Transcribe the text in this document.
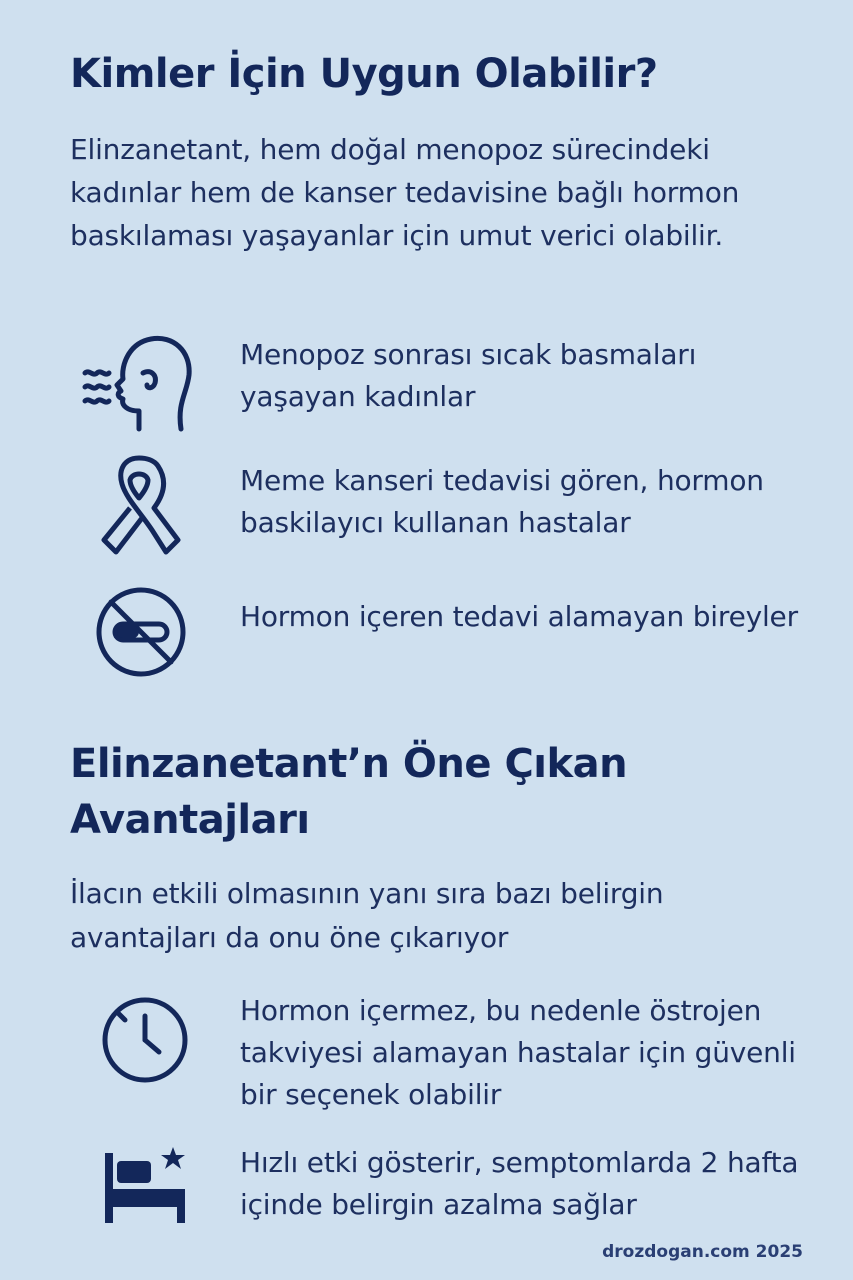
Kimler İçin Uygun Olabilir?

Elinzanetant, hem doğal menopoz sürecindeki kadınlar hem de kanser tedavisine bağlı hormon baskılaması yaşayanlar için umut verici olabilir.

Menopoz sonrası sıcak basmaları yaşayan kadınlar

Meme kanseri tedavisi gören, hormon baskilayıcı kullanan hastalar

Hormon içeren tedavi alamayan bireyler

Elinzanetant’n Öne Çıkan Avantajları

İlacın etkili olmasının yanı sıra bazı belirgin avantajları da onu öne çıkarıyor

Hormon içermez, bu nedenle östrojen takviyesi alamayan hastalar için güvenli bir seçenek olabilir

Hızlı etki gösterir, semptomlarda 2 hafta içinde belirgin azalma sağlar

drozdogan.com 2025
